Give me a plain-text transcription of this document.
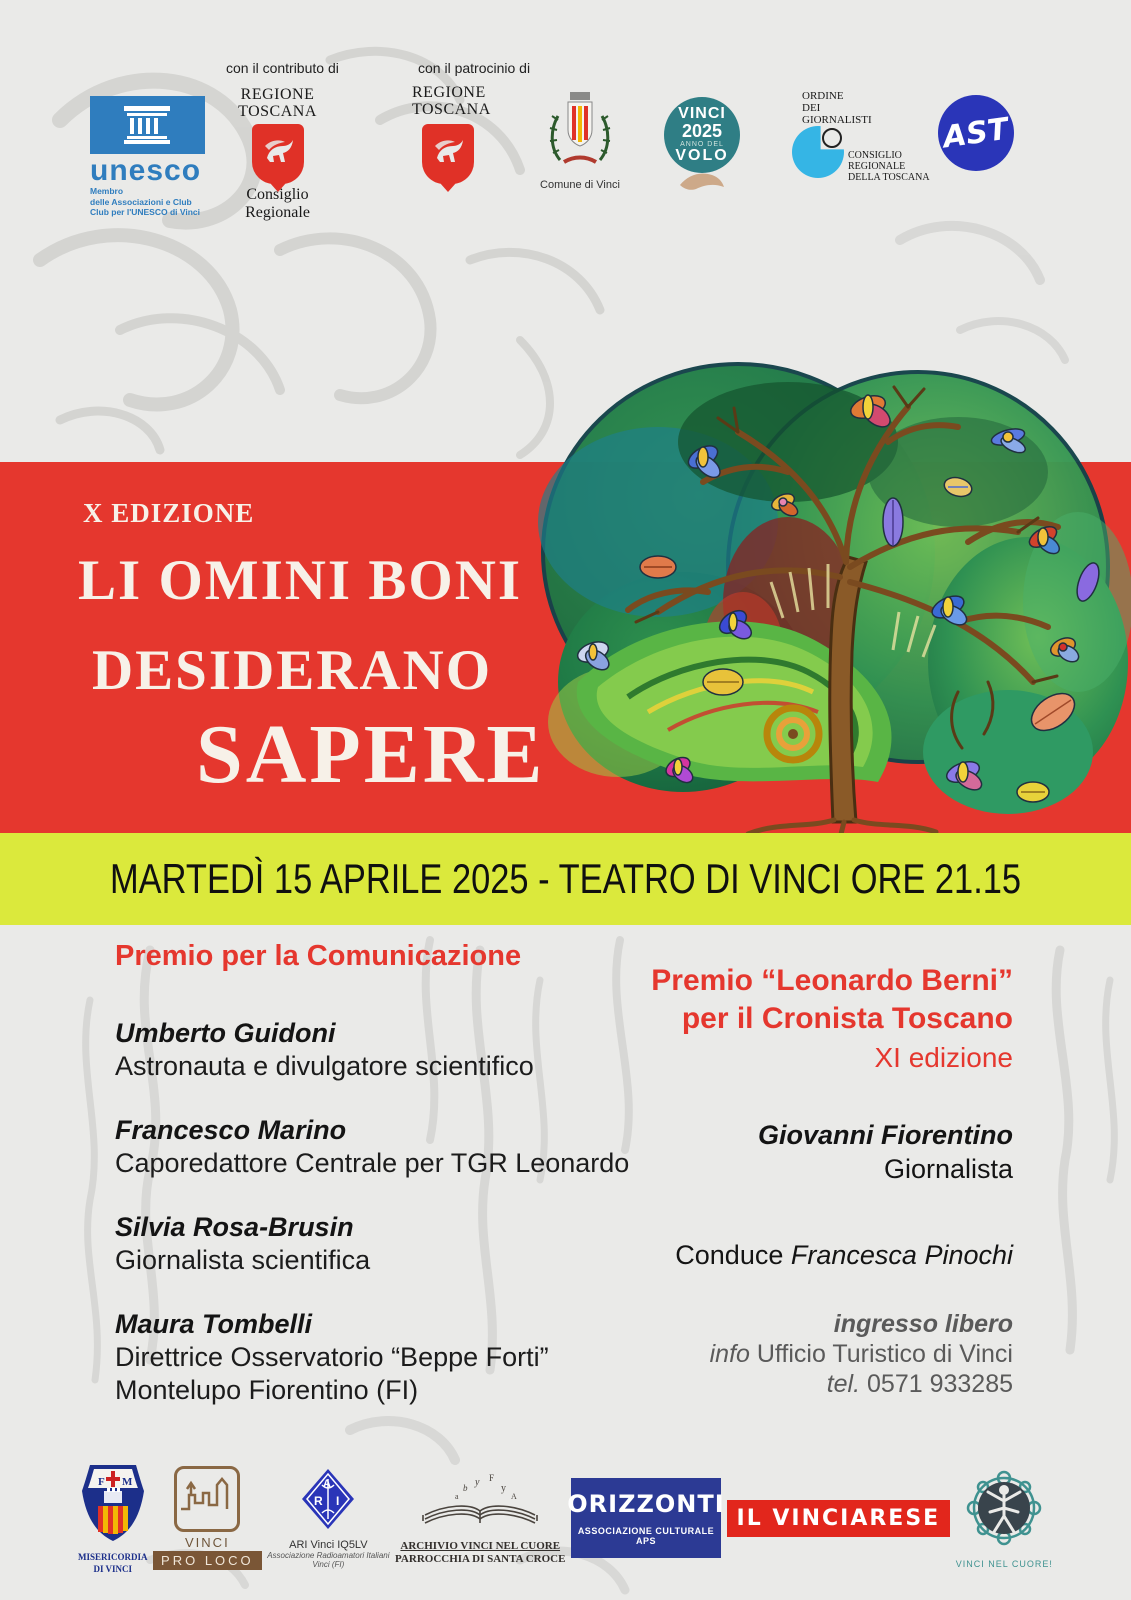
con il contributo di	con il patrocinio di
unesco
Membro
delle Associazioni e Club
Club per l'UNESCO di Vinci
REGIONE TOSCANA
Consiglio Regionale
REGIONE
TOSCANA
Comune di Vinci
VINCI
2025
ANNO DEL
VOLO
ORDINE
DEI
GIORNALISTI
CONSIGLIO REGIONALE
DELLA TOSCANA
AST
X EDIZIONE
LI OMINI BONI
DESIDERANO
SAPERE
MARTEDÌ 15 APRILE 2025 - TEATRO DI VINCI ORE 21.15
Premio per la Comunicazione
Umberto Guidoni
Astronauta e divulgatore scientifico
Francesco Marino
Caporedattore Centrale per TGR Leonardo
Silvia Rosa-Brusin
Giornalista scientifica
Maura Tombelli
Direttrice Osservatorio “Beppe Forti”
Montelupo Fiorentino (FI)
Premio “Leonardo Berni”
per il Cronista Toscano
XI edizione
Giovanni Fiorentino
Giornalista
Conduce Francesca Pinochi
ingresso libero
info Ufficio Turistico di Vinci
tel. 0571 933285
F M
MISERICORDIA
DI VINCI
VINCI
PRO LOCO
A
R I
ARI Vinci IQ5LV
Associazione Radioamatori Italiani
Vinci (FI)
y F
b	y
a	A
ARCHIVIO VINCI NEL CUORE
PARROCCHIA DI SANTA CROCE
ORIZZONTI
ASSOCIAZIONE CULTURALE APS
IL VINCIARESE
VINCI NEL CUORE!
